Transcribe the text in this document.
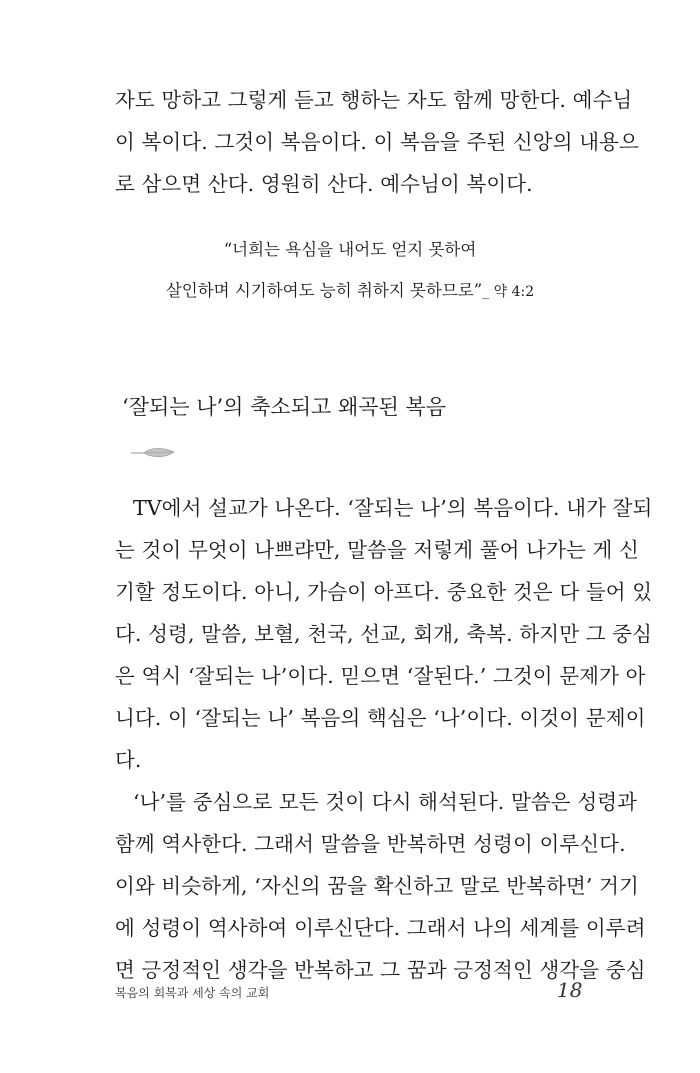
자도 망하고 그렇게 듣고 행하는 자도 함께 망한다. 예수님
이 복이다. 그것이 복음이다. 이 복음을 주된 신앙의 내용으
로 삼으면 산다. 영원히 산다. 예수님이 복이다.
“너희는 욕심을 내어도 얻지 못하여
살인하며 시기하여도 능히 취하지 못하므로”_ 약 4:2
‘잘되는 나’의 축소되고 왜곡된 복음
TV에서 설교가 나온다. ‘잘되는 나’의 복음이다. 내가 잘되
는 것이 무엇이 나쁘랴만, 말씀을 저렇게 풀어 나가는 게 신
기할 정도이다. 아니, 가슴이 아프다. 중요한 것은 다 들어 있
다. 성령, 말씀, 보혈, 천국, 선교, 회개, 축복. 하지만 그 중심
은 역시 ‘잘되는 나’이다. 믿으면 ‘잘된다.’ 그것이 문제가 아
니다. 이 ‘잘되는 나’ 복음의 핵심은 ‘나’이다. 이것이 문제이
다.
‘나’를 중심으로 모든 것이 다시 해석된다. 말씀은 성령과
함께 역사한다. 그래서 말씀을 반복하면 성령이 이루신다.
이와 비슷하게, ‘자신의 꿈을 확신하고 말로 반복하면’ 거기
에 성령이 역사하여 이루신단다. 그래서 나의 세계를 이루려
면 긍정적인 생각을 반복하고 그 꿈과 긍정적인 생각을 중심
복음의 회복과 세상 속의 교회	18
